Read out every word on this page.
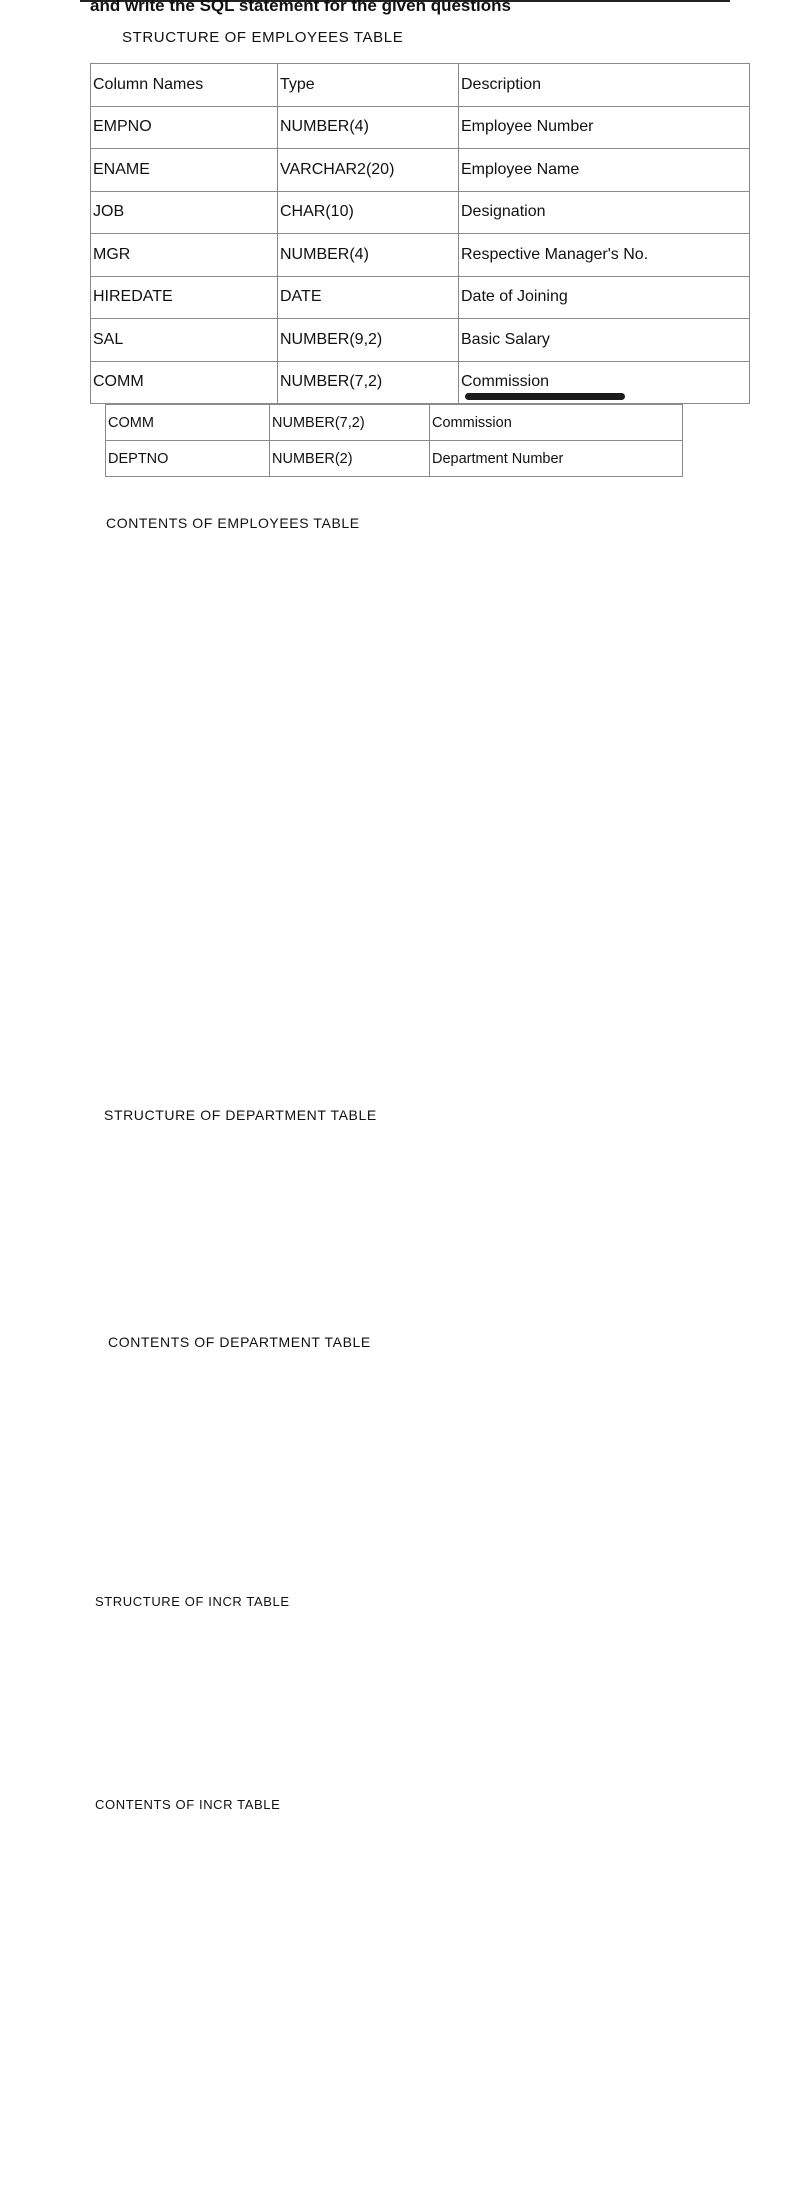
and write the SQL statement for the given questions
STRUCTURE OF EMPLOYEES TABLE
Column Names	Type	Description
EMPNO	NUMBER(4)	Employee Number
ENAME	VARCHAR2(20)	Employee Name
JOB	CHAR(10)	Designation
MGR	NUMBER(4)	Respective Manager's No.
HIREDATE	DATE	Date of Joining
SAL	NUMBER(9,2)	Basic Salary
COMM	NUMBER(7,2)	Commission
COMM	NUMBER(7,2)	Commission
DEPTNO	NUMBER(2)	Department Number
CONTENTS OF EMPLOYEES TABLE
STRUCTURE OF DEPARTMENT TABLE
CONTENTS OF DEPARTMENT TABLE
STRUCTURE OF INCR TABLE
CONTENTS OF INCR TABLE
